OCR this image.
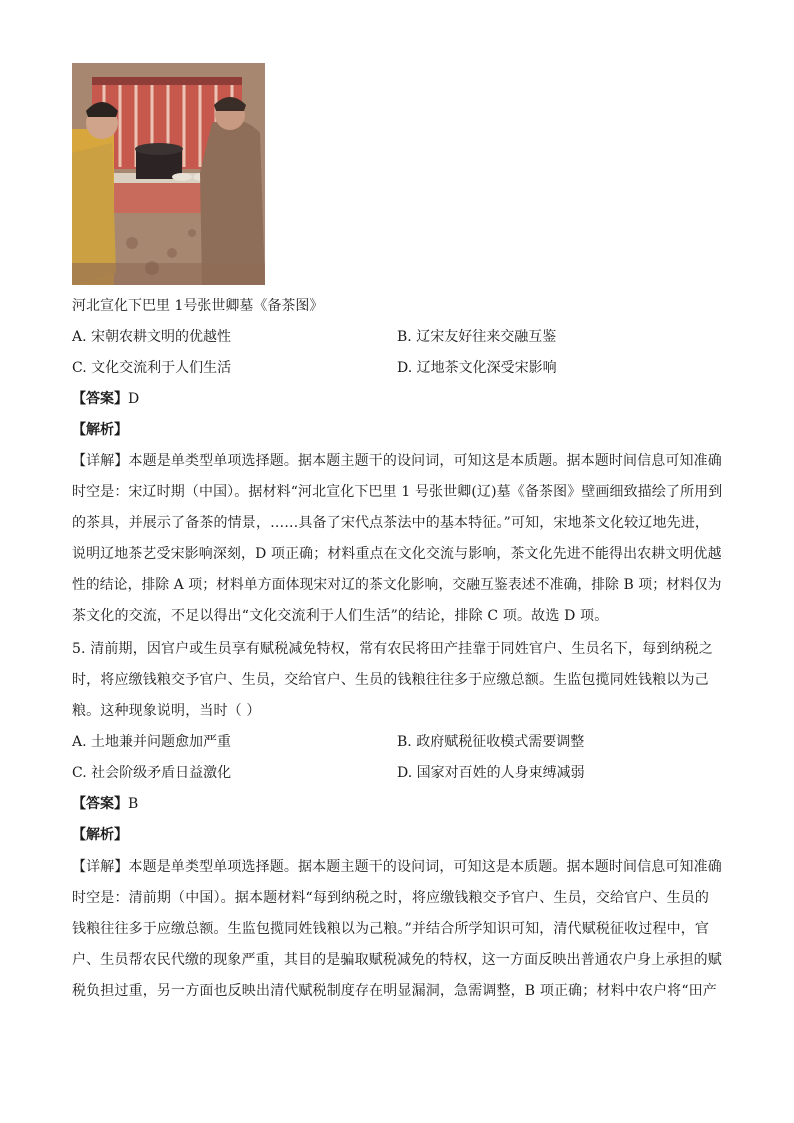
河北宣化下巴里 1号张世卿墓《备茶图》
A. 宋朝农耕文明的优越性	B. 辽宋友好往来交融互鉴
C. 文化交流利于人们生活	D. 辽地茶文化深受宋影响
【答案】D
【解析】
【详解】本题是单类型单项选择题。据本题主题干的设问词，可知这是本质题。据本题时间信息可知准确
时空是：宋辽时期（中国）。据材料“河北宣化下巴里 1 号张世卿(辽)墓《备茶图》壁画细致描绘了所用到
的茶具，并展示了备茶的情景，……具备了宋代点茶法中的基本特征。”可知，宋地茶文化较辽地先进，
说明辽地茶艺受宋影响深刻，D 项正确；材料重点在文化交流与影响，茶文化先进不能得出农耕文明优越
性的结论，排除 A 项；材料单方面体现宋对辽的茶文化影响，交融互鉴表述不准确，排除 B 项；材料仅为
茶文化的交流，不足以得出“文化交流利于人们生活”的结论，排除 C 项。故选 D 项。
5. 清前期，因官户或生员享有赋税减免特权，常有农民将田产挂靠于同姓官户、生员名下，每到纳税之
时，将应缴钱粮交予官户、生员，交给官户、生员的钱粮往往多于应缴总额。生监包揽同姓钱粮以为己
粮。这种现象说明，当时（ ）
A. 土地兼并问题愈加严重	B. 政府赋税征收模式需要调整
C. 社会阶级矛盾日益激化	D. 国家对百姓的人身束缚减弱
【答案】B
【解析】
【详解】本题是单类型单项选择题。据本题主题干的设问词，可知这是本质题。据本题时间信息可知准确
时空是：清前期（中国）。据本题材料“每到纳税之时，将应缴钱粮交予官户、生员，交给官户、生员的
钱粮往往多于应缴总额。生监包揽同姓钱粮以为己粮。”并结合所学知识可知，清代赋税征收过程中，官
户、生员帮农民代缴的现象严重，其目的是骗取赋税减免的特权，这一方面反映出普通农户身上承担的赋
税负担过重，另一方面也反映出清代赋税制度存在明显漏洞，急需调整，B 项正确；材料中农户将“田产
